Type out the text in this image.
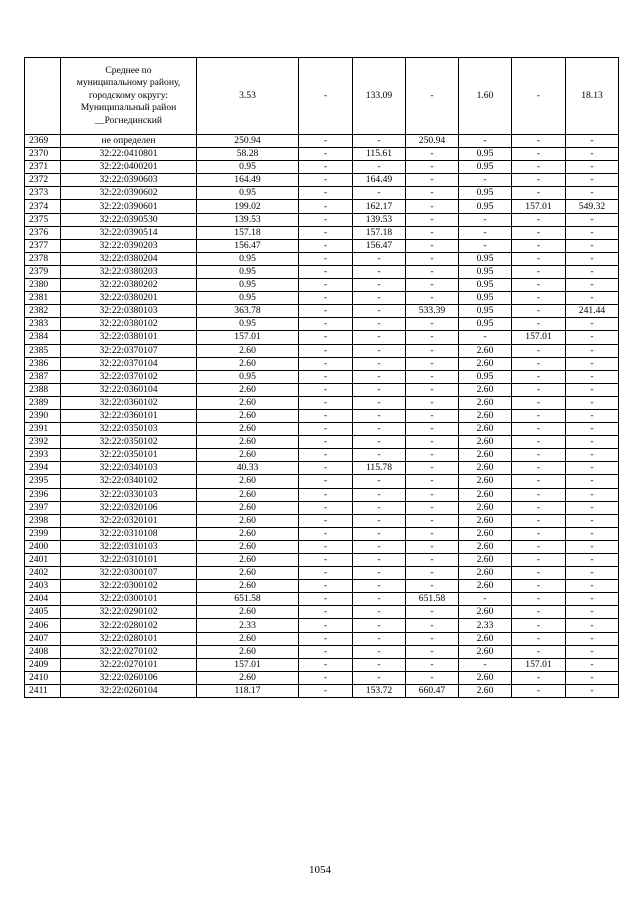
	Среднее по
муниципальному району,
городскому округу:
Муниципальный район
__Рогнединский	3.53	-	133.09	-	1.60	-	18.13
2369	не определен	250.94	-	-	250.94	-	-	-
2370	32:22:0410801	58.28	-	115.61	-	0.95	-	-
2371	32:22:0400201	0.95	-	-	-	0.95	-	-
2372	32:22:0390603	164.49	-	164.49	-	-	-	-
2373	32:22:0390602	0.95	-	-	-	0.95	-	-
2374	32:22:0390601	199.02	-	162.17	-	0.95	157.01	549.32
2375	32:22:0390530	139.53	-	139.53	-	-	-	-
2376	32:22:0390514	157.18	-	157.18	-	-	-	-
2377	32:22:0390203	156.47	-	156.47	-	-	-	-
2378	32:22:0380204	0.95	-	-	-	0.95	-	-
2379	32:22:0380203	0.95	-	-	-	0.95	-	-
2380	32:22:0380202	0.95	-	-	-	0.95	-	-
2381	32:22:0380201	0.95	-	-	-	0.95	-	-
2382	32:22:0380103	363.78	-	-	533.39	0.95	-	241.44
2383	32:22:0380102	0.95	-	-	-	0.95	-	-
2384	32:22:0380101	157.01	-	-	-	-	157.01	-
2385	32:22:0370107	2.60	-	-	-	2.60	-	-
2386	32:22:0370104	2.60	-	-	-	2.60	-	-
2387	32:22:0370102	0.95	-	-	-	0.95	-	-
2388	32:22:0360104	2.60	-	-	-	2.60	-	-
2389	32:22:0360102	2.60	-	-	-	2.60	-	-
2390	32:22:0360101	2.60	-	-	-	2.60	-	-
2391	32:22:0350103	2.60	-	-	-	2.60	-	-
2392	32:22:0350102	2.60	-	-	-	2.60	-	-
2393	32:22:0350101	2.60	-	-	-	2.60	-	-
2394	32:22:0340103	40.33	-	115.78	-	2.60	-	-
2395	32:22:0340102	2.60	-	-	-	2.60	-	-
2396	32:22:0330103	2.60	-	-	-	2.60	-	-
2397	32:22:0320106	2.60	-	-	-	2.60	-	-
2398	32:22:0320101	2.60	-	-	-	2.60	-	-
2399	32:22:0310108	2.60	-	-	-	2.60	-	-
2400	32:22:0310103	2.60	-	-	-	2.60	-	-
2401	32:22:0310101	2.60	-	-	-	2.60	-	-
2402	32:22:0300107	2.60	-	-	-	2.60	-	-
2403	32:22:0300102	2.60	-	-	-	2.60	-	-
2404	32:22:0300101	651.58	-	-	651.58	-	-	-
2405	32:22:0290102	2.60	-	-	-	2.60	-	-
2406	32:22:0280102	2.33	-	-	-	2.33	-	-
2407	32:22:0280101	2.60	-	-	-	2.60	-	-
2408	32:22:0270102	2.60	-	-	-	2.60	-	-
2409	32:22:0270101	157.01	-	-	-	-	157.01	-
2410	32:22:0260106	2.60	-	-	-	2.60	-	-
2411	32:22:0260104	118.17	-	153.72	660.47	2.60	-	-
1054
